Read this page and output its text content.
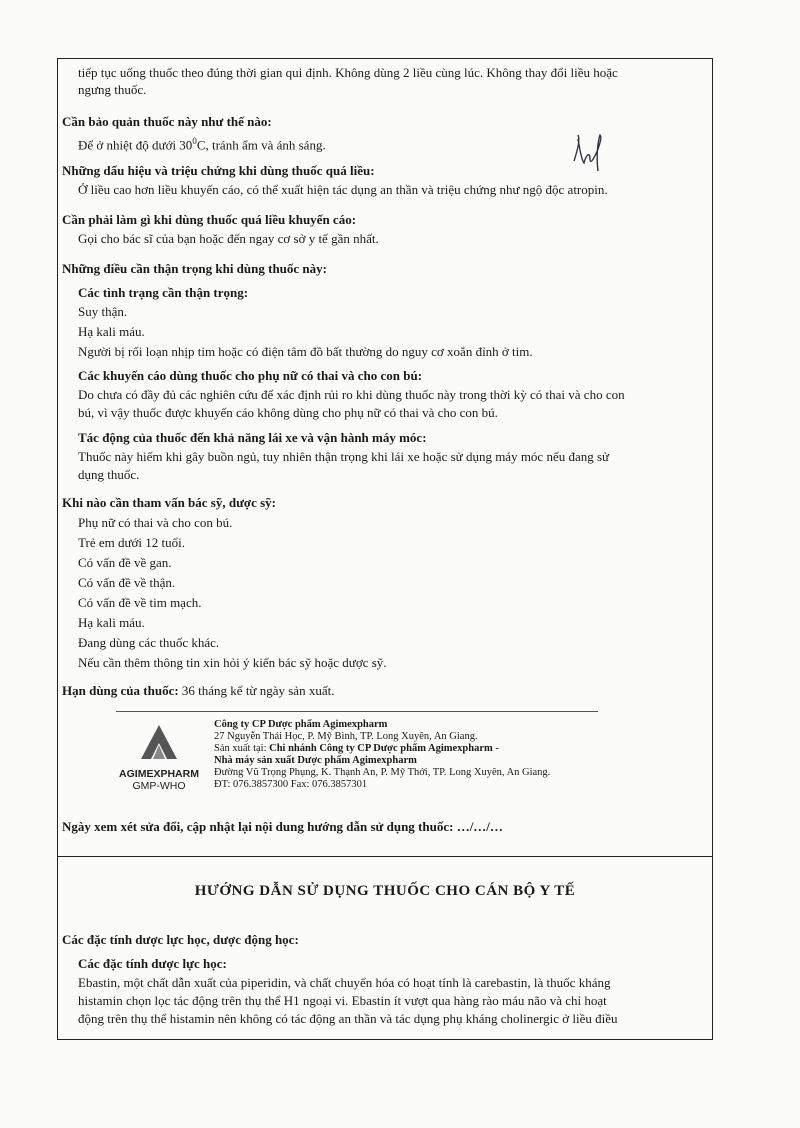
tiếp tục uống thuốc theo đúng thời gian qui định. Không dùng 2 liều cùng lúc. Không thay đổi liều hoặc
ngưng thuốc.
Cần bảo quản thuốc này như thế nào:
Để ở nhiệt độ dưới $30^0C$, tránh ẩm và ánh sáng.
Những dấu hiệu và triệu chứng khi dùng thuốc quá liều:
Ở liều cao hơn liều khuyến cáo, có thể xuất hiện tác dụng an thần và triệu chứng như ngộ độc atropin.
Cần phải làm gì khi dùng thuốc quá liều khuyến cáo:
Gọi cho bác sĩ của bạn hoặc đến ngay cơ sở y tế gần nhất.
Những điều cần thận trọng khi dùng thuốc này:
Các tình trạng cần thận trọng:
Suy thận.
Hạ kali máu.
Người bị rối loạn nhịp tim hoặc có điện tâm đồ bất thường do nguy cơ xoắn đỉnh ở tim.
Các khuyến cáo dùng thuốc cho phụ nữ có thai và cho con bú:
Do chưa có đầy đủ các nghiên cứu để xác định rủi ro khi dùng thuốc này trong thời kỳ có thai và cho con
bú, vì vậy thuốc được khuyến cáo không dùng cho phụ nữ có thai và cho con bú.
Tác động của thuốc đến khả năng lái xe và vận hành máy móc:
Thuốc này hiếm khi gây buồn ngủ, tuy nhiên thận trọng khi lái xe hoặc sử dụng máy móc nếu đang sử
dụng thuốc.
Khi nào cần tham vấn bác sỹ, dược sỹ:
Phụ nữ có thai và cho con bú.
Trẻ em dưới 12 tuổi.
Có vấn đề về gan.
Có vấn đề về thận.
Có vấn đề về tim mạch.
Hạ kali máu.
Đang dùng các thuốc khác.
Nếu cần thêm thông tin xin hỏi ý kiến bác sỹ hoặc dược sỹ.
Hạn dùng của thuốc: 36 tháng kể từ ngày sản xuất.
AGIMEXPHARM
GMP-WHO
Công ty CP Dược phẩm Agimexpharm
27 Nguyễn Thái Học, P. Mỹ Bình, TP. Long Xuyên, An Giang.
Sản xuất tại: Chi nhánh Công ty CP Dược phẩm Agimexpharm -
Nhà máy sản xuất Dược phẩm Agimexpharm
Đường Vũ Trọng Phụng, K. Thạnh An, P. Mỹ Thới, TP. Long Xuyên, An Giang.
ĐT: 076.3857300 Fax: 076.3857301
Ngày xem xét sửa đổi, cập nhật lại nội dung hướng dẫn sử dụng thuốc: …/…/…
HƯỚNG DẪN SỬ DỤNG THUỐC CHO CÁN BỘ Y TẾ
Các đặc tính dược lực học, dược động học:
Các đặc tính dược lực học:
Ebastin, một chất dẫn xuất của piperidin, và chất chuyển hóa có hoạt tính là carebastin, là thuốc kháng
histamin chọn lọc tác động trên thụ thể H1 ngoại vi. Ebastin ít vượt qua hàng rào máu não và chỉ hoạt
động trên thụ thể histamin nên không có tác động an thần và tác dụng phụ kháng cholinergic ở liều điều
